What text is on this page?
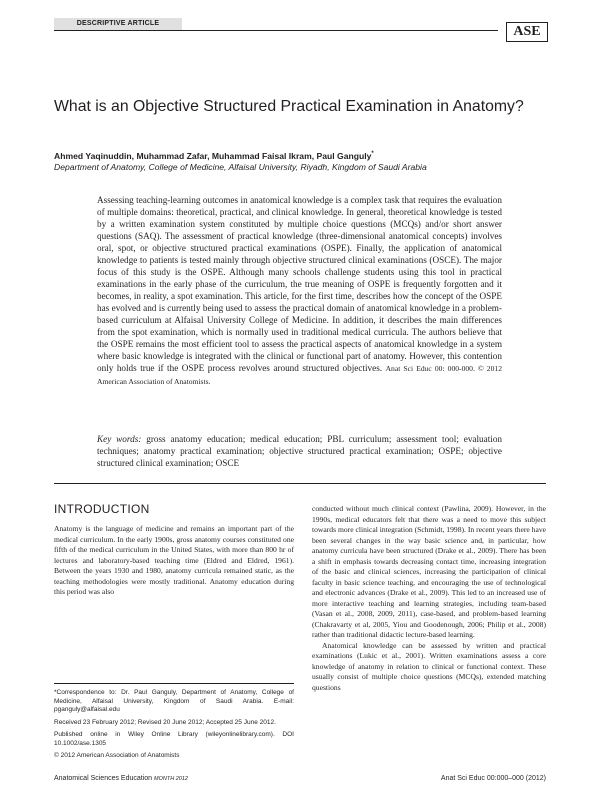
DESCRIPTIVE ARTICLE
ASE
What is an Objective Structured Practical Examination in Anatomy?
Ahmed Yaqinuddin, Muhammad Zafar, Muhammad Faisal Ikram, Paul Ganguly*
Department of Anatomy, College of Medicine, Alfaisal University, Riyadh, Kingdom of Saudi Arabia

Assessing teaching-learning outcomes in anatomical knowledge is a complex task that requires the evaluation of multiple domains: theoretical, practical, and clinical knowledge. In general, theoretical knowledge is tested by a written examination system constituted by multiple choice questions (MCQs) and/or short answer questions (SAQ). The assessment of practical knowledge (three-dimensional anatomical concepts) involves oral, spot, or objective structured practical examinations (OSPE). Finally, the application of anatomical knowledge to patients is tested mainly through objective structured clinical examinations (OSCE). The major focus of this study is the OSPE. Although many schools challenge students using this tool in practical examinations in the early phase of the curriculum, the true meaning of OSPE is frequently forgotten and it becomes, in reality, a spot examination. This article, for the first time, describes how the concept of the OSPE has evolved and is currently being used to assess the practical domain of anatomical knowledge in a problem-based curriculum at Alfaisal University College of Medicine. In addition, it describes the main differences from the spot examination, which is normally used in traditional medical curricula. The authors believe that the OSPE remains the most efficient tool to assess the practical aspects of anatomical knowledge in a system where basic knowledge is integrated with the clinical or functional part of anatomy. However, this contention only holds true if the OSPE process revolves around structured objectives. Anat Sci Educ 00: 000-000. © 2012 American Association of Anatomists.

Key words: gross anatomy education; medical education; PBL curriculum; assessment tool; evaluation techniques; anatomy practical examination; objective structured practical examination; OSPE; objective structured clinical examination; OSCE

INTRODUCTION

Anatomy is the language of medicine and remains an important part of the medical curriculum. In the early 1900s, gross anatomy courses constituted one fifth of the medical curriculum in the United States, with more than 800 hr of lectures and laboratory-based teaching time (Eldred and Eldred, 1961). Between the years 1930 and 1980, anatomy curricula remained static, as the teaching methodologies were mostly traditional. Anatomy education during this period was also

conducted without much clinical context (Pawlina, 2009). However, in the 1990s, medical educators felt that there was a need to move this subject towards more clinical integration (Schmidt, 1998). In recent years there have been several changes in the way basic science and, in particular, how anatomy curricula have been structured (Drake et al., 2009). There has been a shift in emphasis towards decreasing contact time, increasing integration of the basic and clinical sciences, increasing the participation of clinical faculty in basic science teaching, and encouraging the use of technological and electronic advances (Drake et al., 2009). This led to an increased use of more interactive teaching and learning strategies, including team-based (Vasan et al., 2008, 2009, 2011), case-based, and problem-based learning (Chakravarty et al, 2005, Yiou and Goodenough, 2006; Philip et al., 2008) rather than traditional didactic lecture-based learning.

Anatomical knowledge can be assessed by written and practical examinations (Lukic et al., 2001). Written examinations assess a core knowledge of anatomy in relation to clinical or functional context. These usually consist of multiple choice questions (MCQs), extended matching questions

*Correspondence to: Dr. Paul Ganguly, Department of Anatomy, College of Medicine, Alfaisal University, Kingdom of Saudi Arabia. E-mail: pganguly@alfaisal.edu

Received 23 February 2012; Revised 20 June 2012; Accepted 25 June 2012.

Published online in Wiley Online Library (wileyonlinelibrary.com). DOI 10.1002/ase.1305

© 2012 American Association of Anatomists
Anatomical Sciences Education MONTH 2012	Anat Sci Educ 00:000–000 (2012)
